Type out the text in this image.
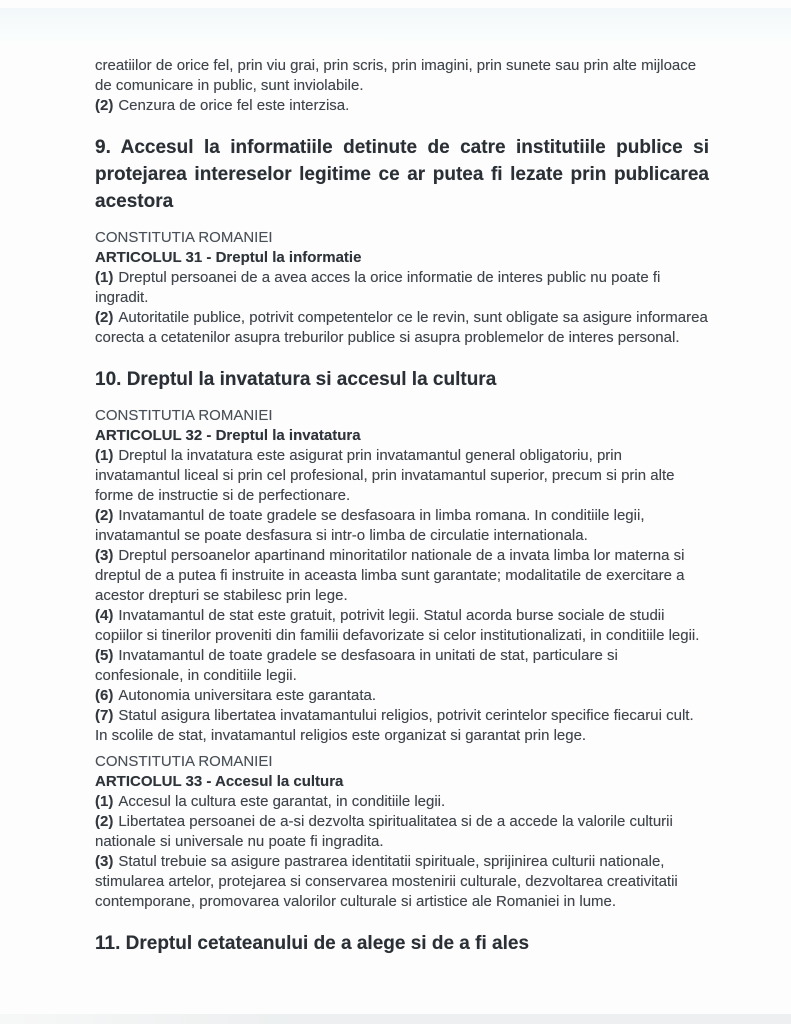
creatiilor de orice fel, prin viu grai, prin scris, prin imagini, prin sunete sau prin alte mijloace de comunicare in public, sunt inviolabile.

(2) Cenzura de orice fel este interzisa.

9. Accesul la informatiile detinute de catre institutiile publice si protejarea intereselor legitime ce ar putea fi lezate prin publicarea acestora

CONSTITUTIA ROMANIEI

ARTICOLUL 31 - Dreptul la informatie

(1) Dreptul persoanei de a avea acces la orice informatie de interes public nu poate fi ingradit.

(2) Autoritatile publice, potrivit competentelor ce le revin, sunt obligate sa asigure informarea corecta a cetatenilor asupra treburilor publice si asupra problemelor de interes personal.

10. Dreptul la invatatura si accesul la cultura

CONSTITUTIA ROMANIEI

ARTICOLUL 32 - Dreptul la invatatura

(1) Dreptul la invatatura este asigurat prin invatamantul general obligatoriu, prin invatamantul liceal si prin cel profesional, prin invatamantul superior, precum si prin alte forme de instructie si de perfectionare.

(2) Invatamantul de toate gradele se desfasoara in limba romana. In conditiile legii, invatamantul se poate desfasura si intr-o limba de circulatie internationala.

(3) Dreptul persoanelor apartinand minoritatilor nationale de a invata limba lor materna si dreptul de a putea fi instruite in aceasta limba sunt garantate; modalitatile de exercitare a acestor drepturi se stabilesc prin lege.

(4) Invatamantul de stat este gratuit, potrivit legii. Statul acorda burse sociale de studii copiilor si tinerilor proveniti din familii defavorizate si celor institutionalizati, in conditiile legii.

(5) Invatamantul de toate gradele se desfasoara in unitati de stat, particulare si confesionale, in conditiile legii.

(6) Autonomia universitara este garantata.

(7) Statul asigura libertatea invatamantului religios, potrivit cerintelor specifice fiecarui cult. In scolile de stat, invatamantul religios este organizat si garantat prin lege.

CONSTITUTIA ROMANIEI

ARTICOLUL 33 - Accesul la cultura

(1) Accesul la cultura este garantat, in conditiile legii.

(2) Libertatea persoanei de a-si dezvolta spiritualitatea si de a accede la valorile culturii nationale si universale nu poate fi ingradita.

(3) Statul trebuie sa asigure pastrarea identitatii spirituale, sprijinirea culturii nationale, stimularea artelor, protejarea si conservarea mostenirii culturale, dezvoltarea creativitatii contemporane, promovarea valorilor culturale si artistice ale Romaniei in lume.

11. Dreptul cetateanului de a alege si de a fi ales
